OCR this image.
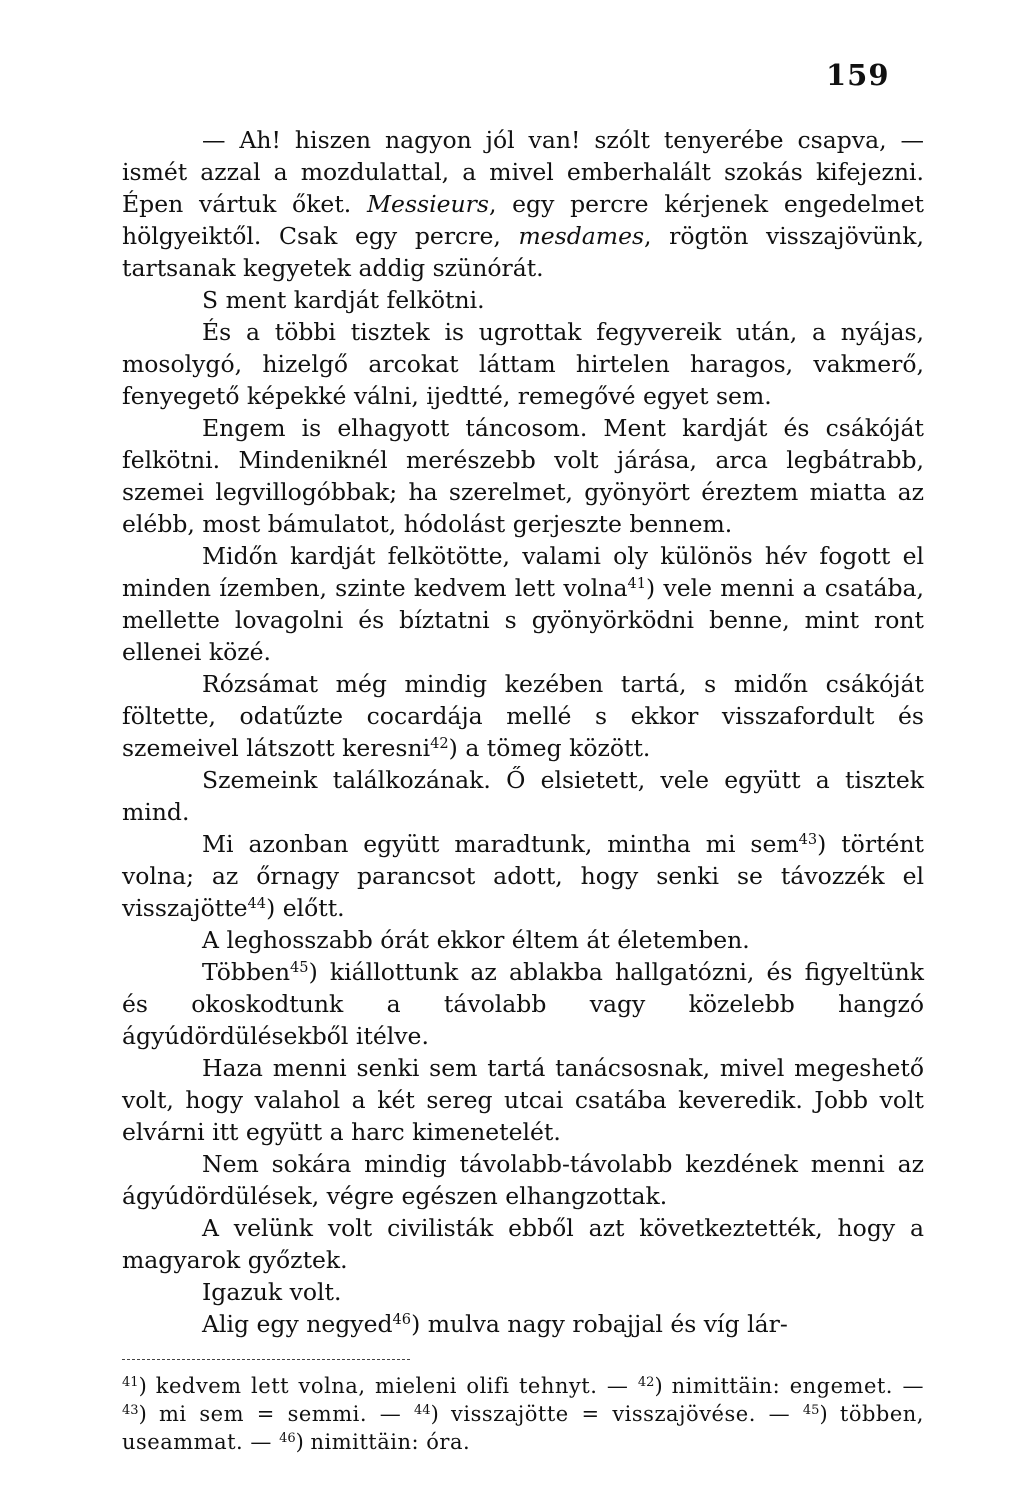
159

— Ah! hiszen nagyon jól van! szólt tenyerébe csapva, — ismét azzal a mozdulattal, a mivel emberhalált szokás kifejezni. Épen vártuk őket. Messieurs, egy percre kérjenek engedelmet hölgyeiktől. Csak egy percre, mesdames, rögtön visszajövünk, tartsanak kegyetek addig szünórát.

S ment kardját felkötni.

És a többi tisztek is ugrottak fegyvereik után, a nyájas, mosolygó, hizelgő arcokat láttam hirtelen haragos, vakmerő, fenyegető képekké válni, ijedtté, remegővé egyet sem.

Engem is elhagyott táncosom. Ment kardját és csákóját felkötni. Mindeniknél merészebb volt járása, arca legbátrabb, szemei legvillogóbbak; ha szerelmet, gyönyört éreztem miatta az elébb, most bámulatot, hódolást gerjeszte bennem.

Midőn kardját felkötötte, valami oly különös hév fogott el minden ízemben, szinte kedvem lett volna$^{41}$) vele menni a csatába, mellette lovagolni és bíztatni s gyönyörködni benne, mint ront ellenei közé.

Rózsámat még mindig kezében tartá, s midőn csákóját föltette, odatűzte cocardája mellé s ekkor visszafordult és szemeivel látszott keresni$^{42}$) a tömeg között.

Szemeink találkozának. Ő elsietett, vele együtt a tisztek mind.

Mi azonban együtt maradtunk, mintha mi sem$^{43}$) történt volna; az őrnagy parancsot adott, hogy senki se távozzék el visszajötte$^{44}$) előtt.

A leghosszabb órát ekkor éltem át életemben.

Többen$^{45}$) kiállottunk az ablakba hallgatózni, és figyeltünk és okoskodtunk a távolabb vagy közelebb hangzó ágyúdördülésekből itélve.

Haza menni senki sem tartá tanácsosnak, mivel megeshető volt, hogy valahol a két sereg utcai csatába keveredik. Jobb volt elvárni itt együtt a harc kimenetelét.

Nem sokára mindig távolabb-távolabb kezdének menni az ágyúdördülések, végre egészen elhangzottak.

A velünk volt civilisták ebből azt következtették, hogy a magyarok győztek.

Igazuk volt.

Alig egy negyed$^{46}$) mulva nagy robajjal és víg lár-

$^{41}$) kedvem lett volna, mieleni olifi tehnyt. — $^{42}$) nimittäin: engemet. — $^{43}$) mi sem = semmi. — $^{44}$) visszajötte = visszajövése. — $^{45}$) többen, useammat. — $^{46}$) nimittäin: óra.
